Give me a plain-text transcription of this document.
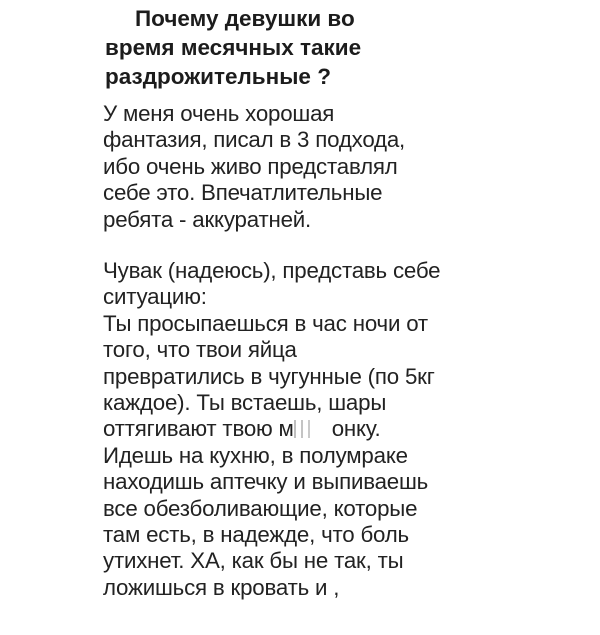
Почему девушки во
время месячных такие
раздрожительные ?

У меня очень хорошая
фантазия, писал в 3 подхода,
ибо очень живо представлял
себе это. Впечатлительные
ребята - аккуратней.

Чувак (надеюсь), представь себе
ситуацию:
Ты просыпаешься в час ночи от
того, что твои яйца
превратились в чугунные (по 5кг
каждое). Ты встаешь, шары
оттягивают твою м онку.
Идешь на кухню, в полумраке
находишь аптечку и выпиваешь
все обезболивающие, которые
там есть, в надежде, что боль
утихнет. ХА, как бы не так, ты
ложишься в кровать и ,
